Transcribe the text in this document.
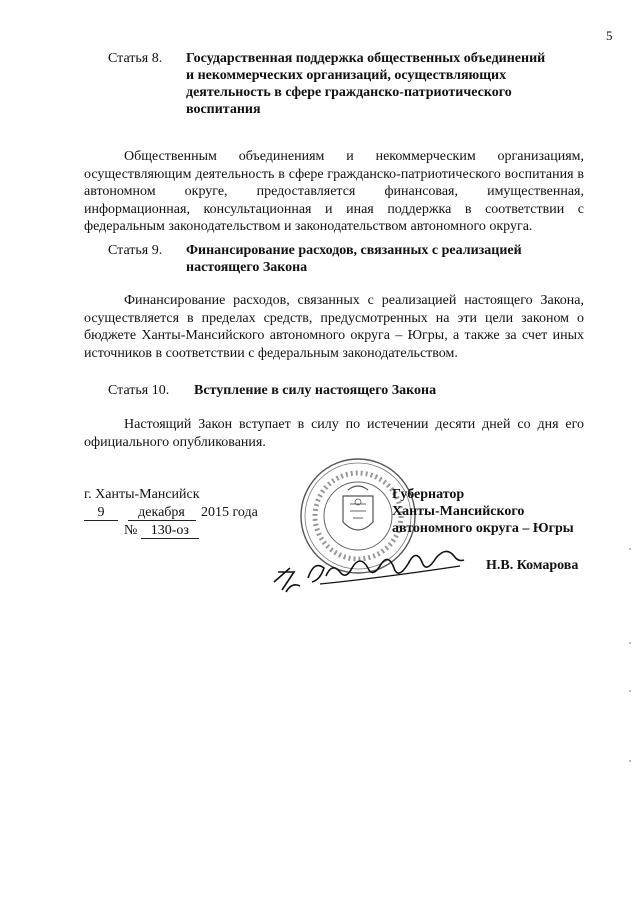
5
Статья 8. Государственная поддержка общественных объединений
и некоммерческих организаций, осуществляющих
деятельность в сфере гражданско-патриотического
воспитания
Общественным объединениям и некоммерческим организациям, осуществляющим деятельность в сфере гражданско-патриотического воспитания в автономном округе, предоставляется финансовая, имущественная, информационная, консультационная и иная поддержка в соответствии с федеральным законодательством и законодательством автономного округа.
Статья 9. Финансирование расходов, связанных с реализацией
настоящего Закона
Финансирование расходов, связанных с реализацией настоящего Закона, осуществляется в пределах средств, предусмотренных на эти цели законом о бюджете Ханты-Мансийского автономного округа – Югры, а также за счет иных источников в соответствии с федеральным законодательством.
Статья 10. Вступление в силу настоящего Закона
Настоящий Закон вступает в силу по истечении десяти дней со дня его официального опубликования.
г. Ханты-Мансийск
9 декабря 2015 года
№ 130-оз
Губернатор
Ханты-Мансийского
автономного округа – Югры
Н.В. Комарова
